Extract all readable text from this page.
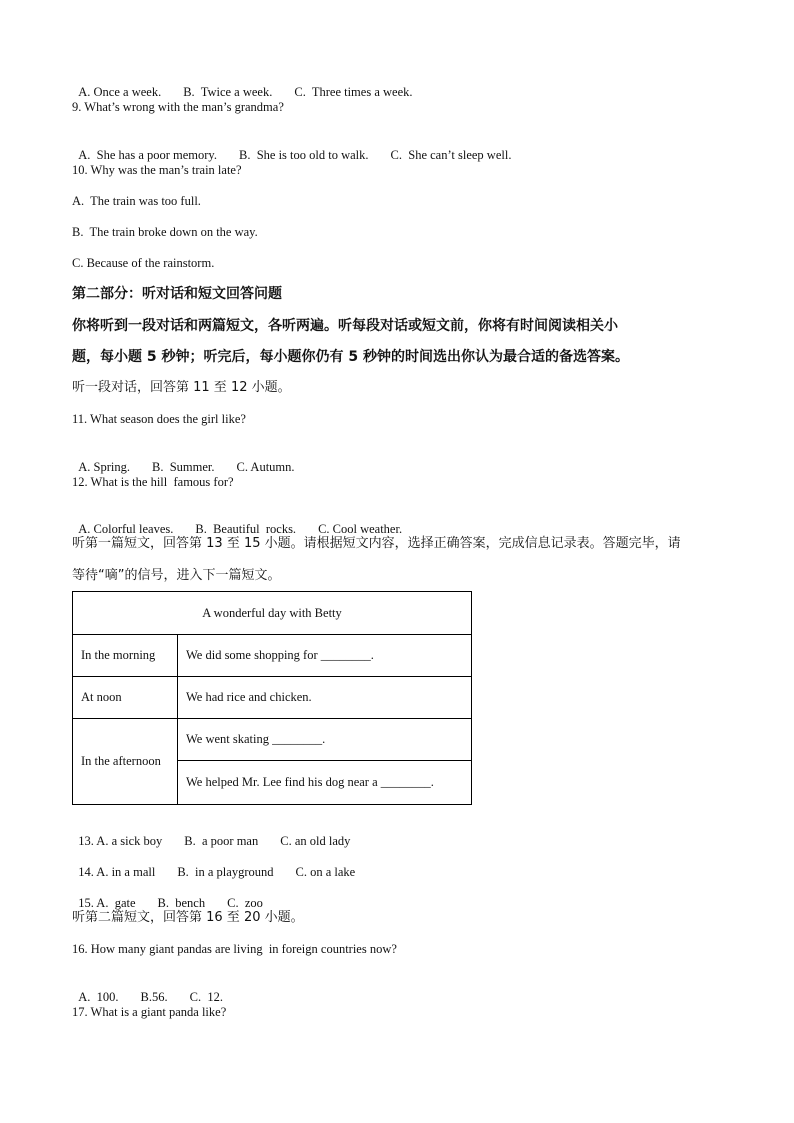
A. Once a week. B.  Twice a week. C.  Three times a week.

9. What’s wrong with the man’s grandma?

A.  She has a poor memory. B.  She is too old to walk. C.  She can’t sleep well.

10. Why was the man’s train late?
A.  The train was too full.
B.  The train broke down on the way.
C. Because of the rainstorm.
第二部分：听对话和短文回答问题
你将听到一段对话和两篇短文，各听两遍。听每段对话或短文前，你将有时间阅读相关小
题，每小题 5 秒钟；听完后，每小题你仍有 5 秒钟的时间选出你认为最合适的备选答案。
听一段对话，回答第 11 至 12 小题。
11. What season does the girl like?

A. Spring. B.  Summer. C. Autumn.

12. What is the hill  famous for?

A. Colorful leaves. B.  Beautiful  rocks. C. Cool weather.

听第一篇短文，回答第 13 至 15 小题。请根据短文内容，选择正确答案，完成信息记录表。答题完毕，请
等待“嘀”的信号，进入下一篇短文。
A wonderful day with Betty	
In the morning	We did some shopping for ________.
At noon	We had rice and chicken.
In the afternoon	We went skating ________.
	We helped Mr. Lee find his dog near a ________.

13. A. a sick boy B.  a poor man C. an old lady

14. A. in a mall B.  in a playground C. on a lake

15. A.  gate B.  bench C.  zoo

听第二篇短文，回答第 16 至 20 小题。
16. How many giant pandas are living  in foreign countries now?

A.  100. B.56. C.  12.

17. What is a giant panda like?
